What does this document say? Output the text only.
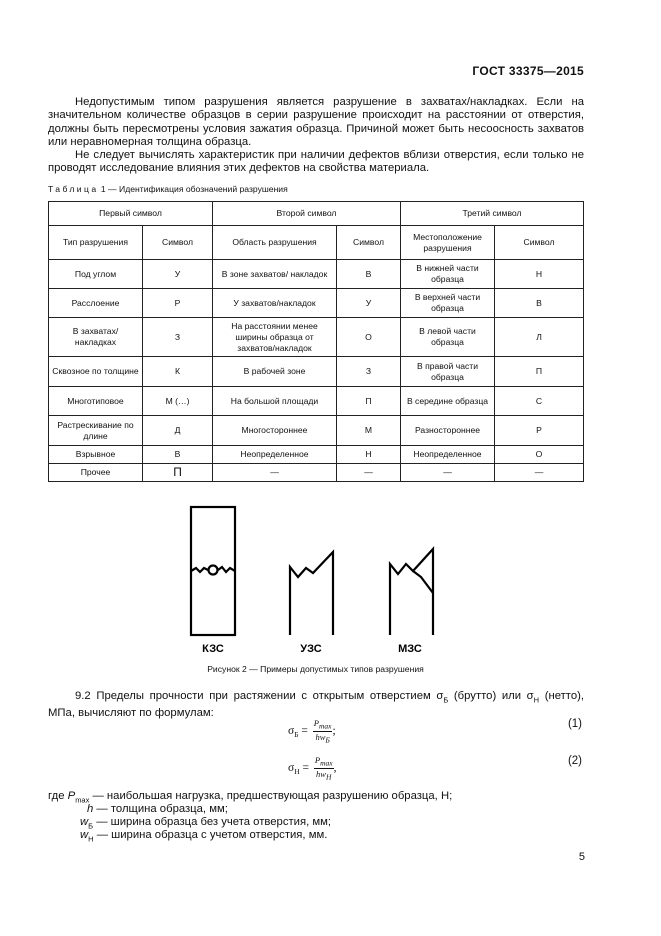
ГОСТ 33375—2015

Недопустимым типом разрушения является разрушение в захватах/накладках. Если на значительном количестве образцов в серии разрушение происходит на расстоянии от отверстия, должны быть пересмотрены условия зажатия образца. Причиной может быть несоосность захватов или неравномерная толщина образца.

Не следует вычислять характеристик при наличии дефектов вблизи отверстия, если только не проводят исследование влияния этих дефектов на свойства материала.

Таблица 1 — Идентификация обозначений разрушения
Первый символ		Второй символ		Третий символ	
Тип разрушения	Символ	Область разрушения	Символ	Местоположение разрушения	Символ
Под углом	У	В зоне захватов/ накладок	В	В нижней части образца	Н
Расслоение	Р	У захватов/накладок	У	В верхней части образца	В
В захватах/ накладках	З	На расстоянии менее ширины образца от захватов/накладок	О	В левой части образца	Л
Сквозное по толщине	К	В рабочей зоне	З	В правой части образца	П
Многотиповое	М (…)	На большой площади	П	В середине образца	С
Растрескивание по длине	Д	Многостороннее	М	Разностороннее	Р
Взрывное	В	Неопределенное	Н	Неопределенное	О
Прочее	П	—	—	—	—
КЗС	УЗС	МЗС
Рисунок 2 — Примеры допустимых типов разрушения

9.2 Пределы прочности при растяжении с открытым отверстием $\sigma_Б$ (брутто) или $\sigma_Н$ (нетто), МПа, вычисляют по формулам:

$\sigma_Б = \frac{P_{max}}{hw_Б}$ ;
(1)
$\sigma_Н = \frac{P_{max}}{hw_Н}$ ,
(2)
где $P_{max}$ — наибольшая нагрузка, предшествующая разрушению образца, Н;
h — толщина образца, мм;
$w_Б$ — ширина образца без учета отверстия, мм;
$w_Н$ — ширина образца с учетом отверстия, мм.
5
